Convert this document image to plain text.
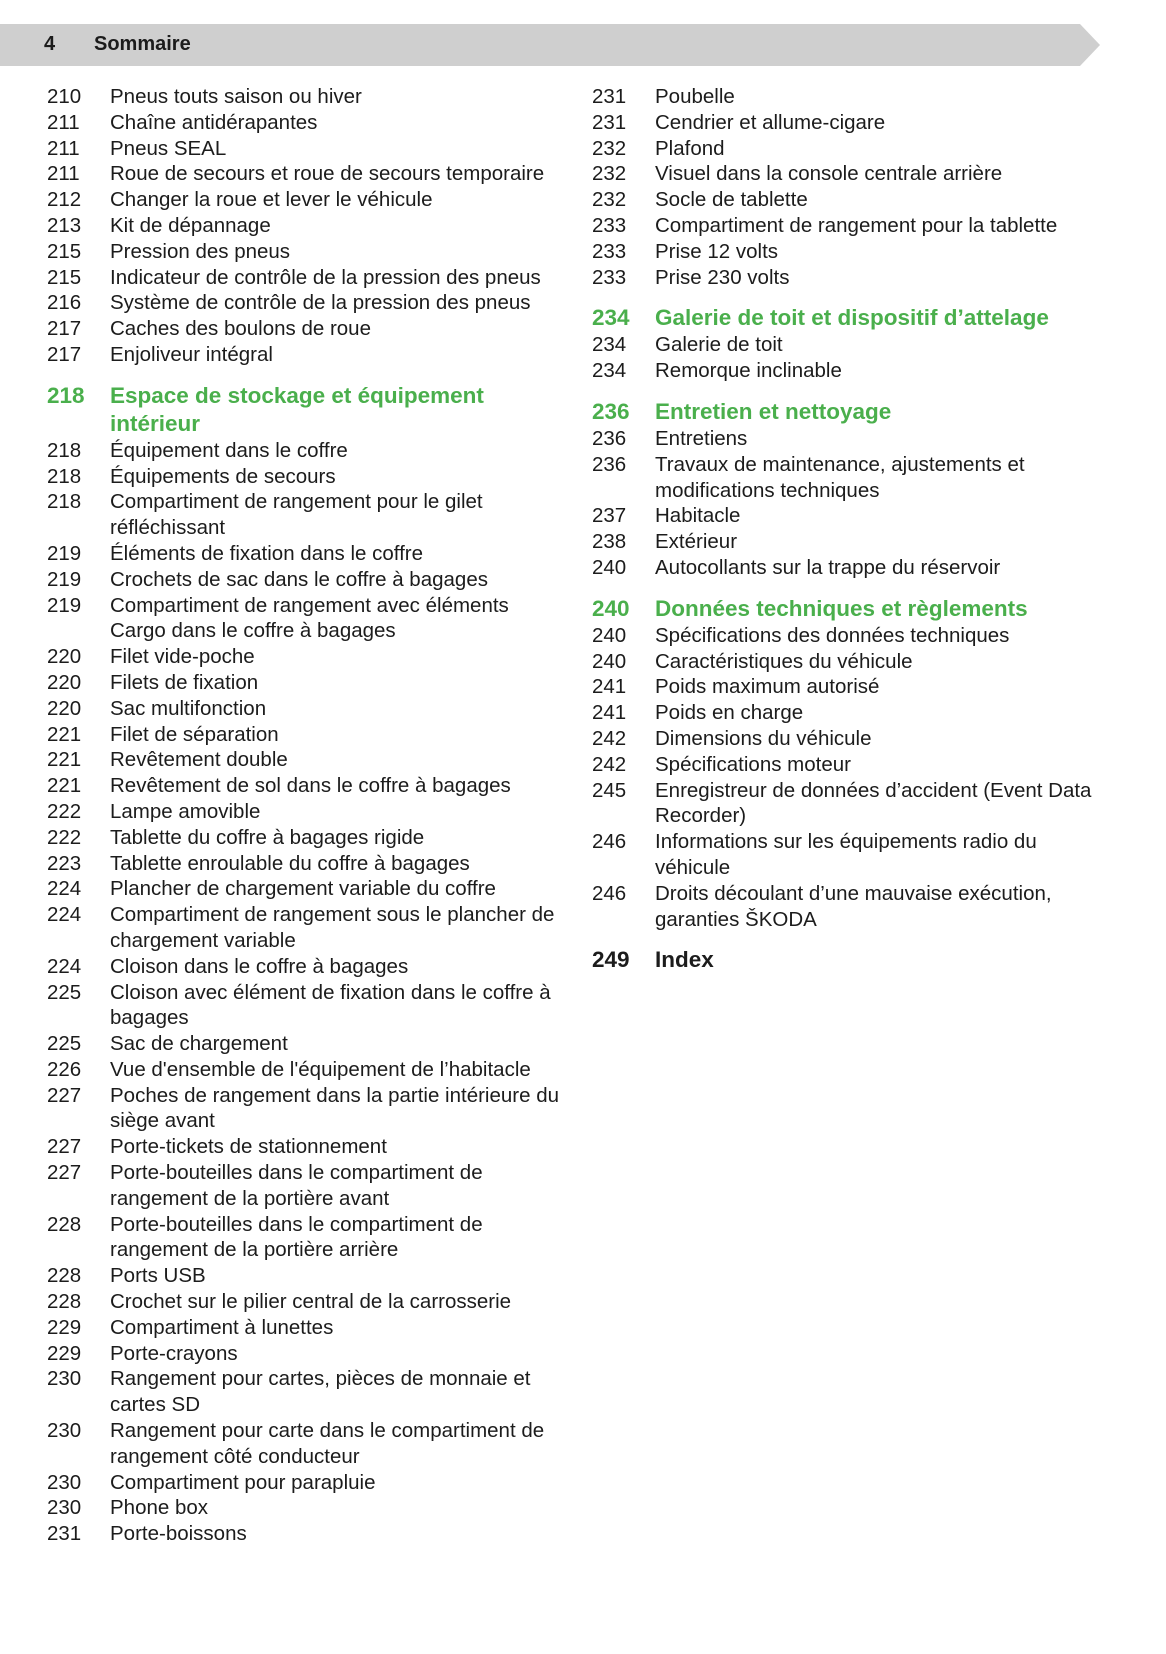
4 Sommaire
210	Pneus touts saison ou hiver
211	Chaîne antidérapantes
211	Pneus SEAL
211	Roue de secours et roue de secours temporaire
212	Changer la roue et lever le véhicule
213	Kit de dépannage
215	Pression des pneus
215	Indicateur de contrôle de la pression des pneus
216	Système de contrôle de la pression des pneus
217	Caches des boulons de roue
217	Enjoliveur intégral
218	Espace de stockage et équipement intérieur
218	Équipement dans le coffre
218	Équipements de secours
218	Compartiment de rangement pour le gilet réfléchissant
219	Éléments de fixation dans le coffre
219	Crochets de sac dans le coffre à bagages
219	Compartiment de rangement avec éléments Cargo dans le coffre à bagages
220	Filet vide-poche
220	Filets de fixation
220	Sac multifonction
221	Filet de séparation
221	Revêtement double
221	Revêtement de sol dans le coffre à bagages
222	Lampe amovible
222	Tablette du coffre à bagages rigide
223	Tablette enroulable du coffre à bagages
224	Plancher de chargement variable du coffre
224	Compartiment de rangement sous le plancher de chargement variable
224	Cloison dans le coffre à bagages
225	Cloison avec élément de fixation dans le coffre à bagages
225	Sac de chargement
226	Vue d'ensemble de l'équipement de l’habitacle
227	Poches de rangement dans la partie intérieure du siège avant
227	Porte-tickets de stationnement
227	Porte-bouteilles dans le compartiment de rangement de la portière avant
228	Porte-bouteilles dans le compartiment de rangement de la portière arrière
228	Ports USB
228	Crochet sur le pilier central de la carrosserie
229	Compartiment à lunettes
229	Porte-crayons
230	Rangement pour cartes, pièces de monnaie et cartes SD
230	Rangement pour carte dans le compartiment de rangement côté conducteur
230	Compartiment pour parapluie
230	Phone box
231	Porte-boissons
231	Poubelle
231	Cendrier et allume-cigare
232	Plafond
232	Visuel dans la console centrale arrière
232	Socle de tablette
233	Compartiment de rangement pour la tablette
233	Prise 12 volts
233	Prise 230 volts
234	Galerie de toit et dispositif d’attelage
234	Galerie de toit
234	Remorque inclinable
236	Entretien et nettoyage
236	Entretiens
236	Travaux de maintenance, ajustements et modifications techniques
237	Habitacle
238	Extérieur
240	Autocollants sur la trappe du réservoir
240	Données techniques et règlements
240	Spécifications des données techniques
240	Caractéristiques du véhicule
241	Poids maximum autorisé
241	Poids en charge
242	Dimensions du véhicule
242	Spécifications moteur
245	Enregistreur de données d’accident (Event Data Recorder)
246	Informations sur les équipements radio du véhicule
246	Droits découlant d’une mauvaise exécution, garanties ŠKODA
249	Index
